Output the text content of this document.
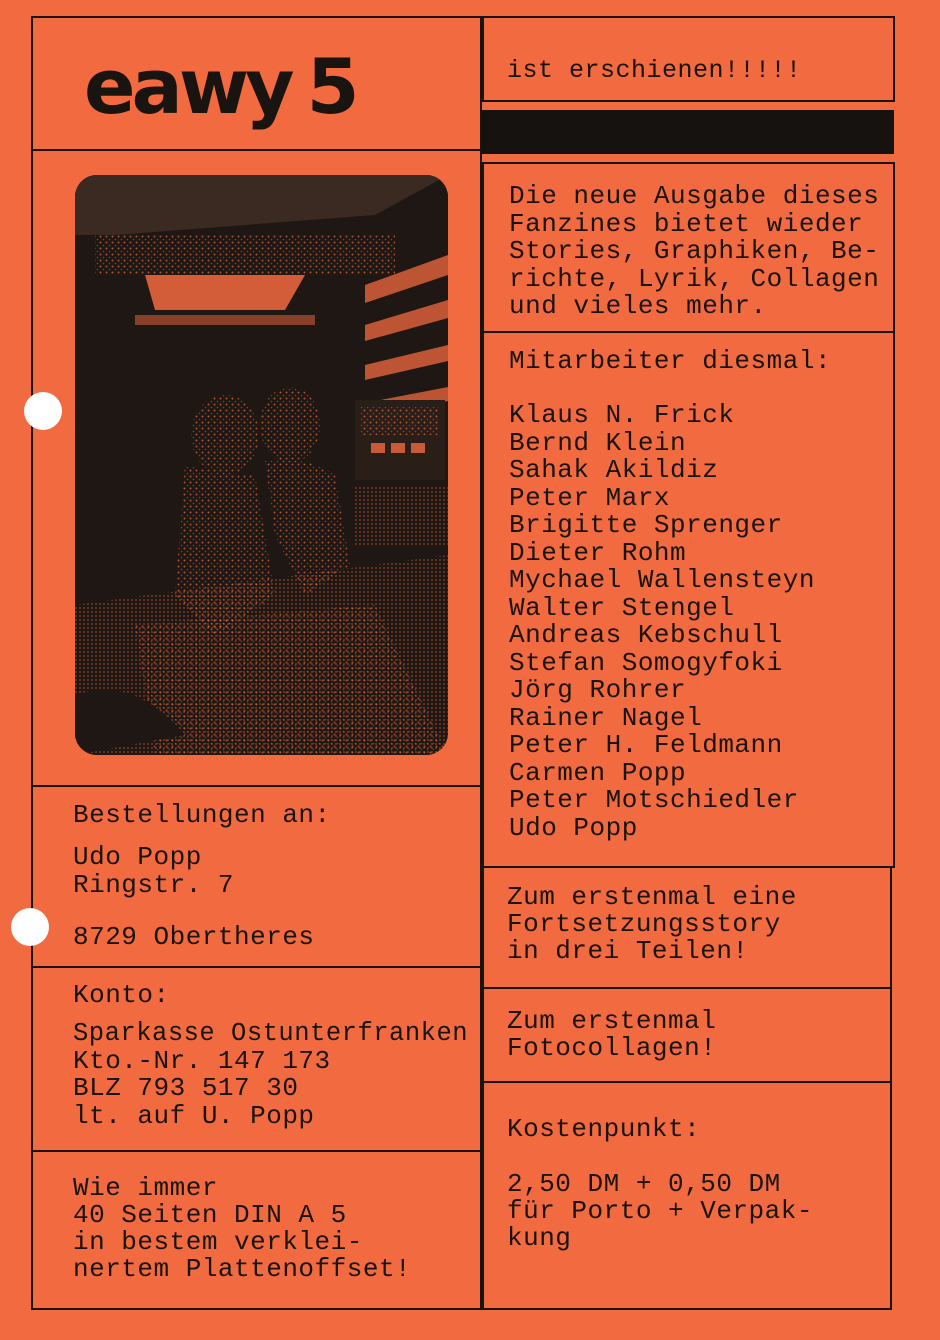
eawy 5	ist erschienen!!!!!
Die neue Ausgabe dieses
Fanzines bietet wieder
Stories, Graphiken, Be-
richte, Lyrik, Collagen
und vieles mehr.
Mitarbeiter diesmal:
Klaus N. Frick
Bernd Klein
Sahak Akildiz
Peter Marx
Brigitte Sprenger
Dieter Rohm
Mychael Wallensteyn
Walter Stengel
Andreas Kebschull
Stefan Somogyfoki
Jörg Rohrer
Rainer Nagel
Peter H. Feldmann
Carmen Popp
Peter Motschiedler
Udo Popp
Bestellungen an:
Udo Popp
Ringstr. 7
8729 Obertheres
Konto:
Sparkasse Ostunterfranken
Kto.-Nr. 147 173
BLZ 793 517 30
lt. auf U. Popp
Wie immer
40 Seiten DIN A 5
in bestem verklei-
nertem Plattenoffset!
Zum erstenmal eine
Fortsetzungsstory
in drei Teilen!
Zum erstenmal
Fotocollagen!
Kostenpunkt:
2,50 DM + 0,50 DM
für Porto + Verpak-
kung
